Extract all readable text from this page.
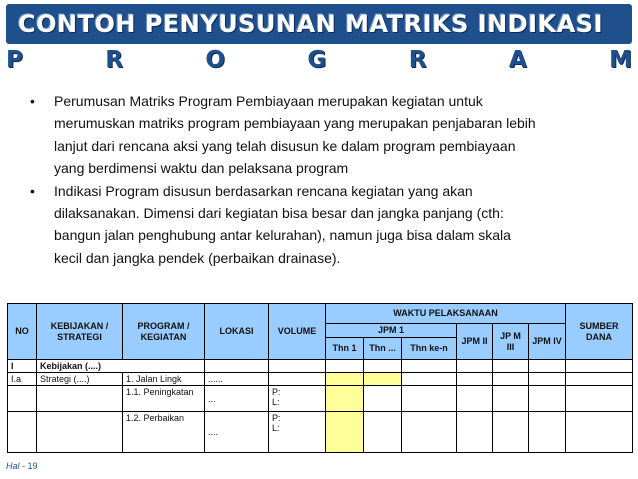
CONTOH PENYUSUNAN MATRIKS INDIKASI
P	R	O	G	R	A	M
• Perumusan Matriks Program Pembiayaan merupakan kegiatan untuk
merumuskan matriks program pembiayaan yang merupakan penjabaran lebih
lanjut dari rencana aksi yang telah disusun ke dalam program pembiayaan
yang berdimensi waktu dan pelaksana program
• Indikasi Program disusun berdasarkan rencana kegiatan yang akan
dilaksanakan. Dimensi dari kegiatan bisa besar dan jangka panjang (cth:
bangun jalan penghubung antar kelurahan), namun juga bisa dalam skala
kecil dan jangka pendek (perbaikan drainase).
NO	KEBIJAKAN / STRATEGI	PROGRAM / KEGIATAN	LOKASI	VOLUME	WAKTU PELAKSANAAN						SUMBER DANA
					JPM 1			JPM II	JP M III	JPM IV	
					Thn 1	Thn ...	Thn ke-n				
I	Kebijakan (....)										
I.a	Strategi (....)	1. Jalan Lingk	......								
		1.1. Peningkatan	...	P:
L:							

		1.2. Perbaikan	....	P:
L:							

Hal - 19
